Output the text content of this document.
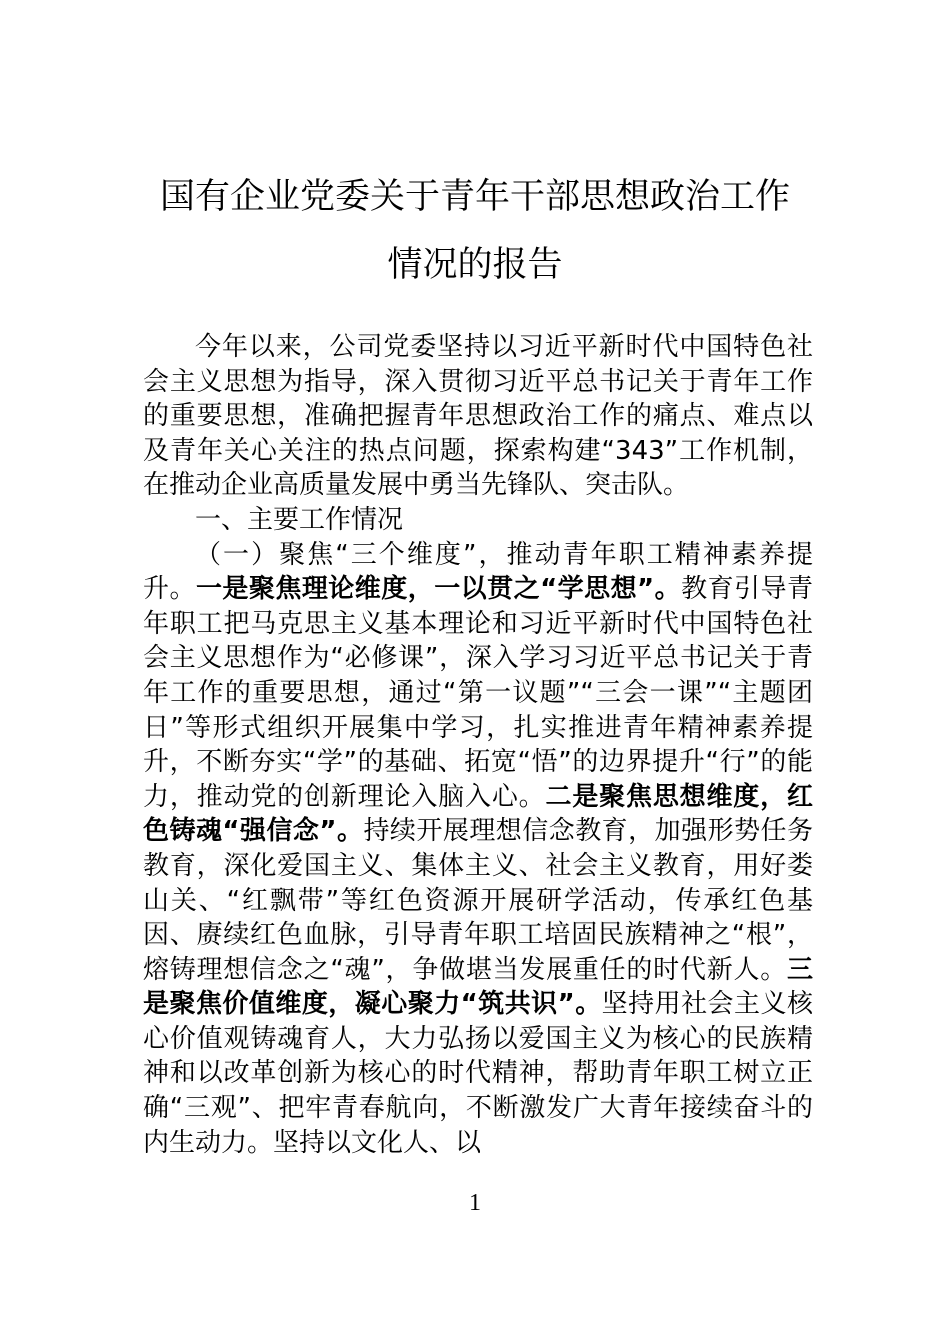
国有企业党委关于青年干部思想政治工作
情况的报告

今年以来，公司党委坚持以习近平新时代中国特色社会主义思想为指导，深入贯彻习近平总书记关于青年工作的重要思想，准确把握青年思想政治工作的痛点、难点以及青年关心关注的热点问题，探索构建“343”工作机制，在推动企业高质量发展中勇当先锋队、突击队。

一、主要工作情况

（一）聚焦“三个维度”，推动青年职工精神素养提升。一是聚焦理论维度，一以贯之“学思想”。教育引导青年职工把马克思主义基本理论和习近平新时代中国特色社会主义思想作为“必修课”，深入学习习近平总书记关于青年工作的重要思想，通过“第一议题”“三会一课”“主题团日”等形式组织开展集中学习，扎实推进青年精神素养提升，不断夯实“学”的基础、拓宽“悟”的边界提升“行”的能力，推动党的创新理论入脑入心。二是聚焦思想维度，红色铸魂“强信念”。持续开展理想信念教育，加强形势任务教育，深化爱国主义、集体主义、社会主义教育，用好娄山关、“红飘带”等红色资源开展研学活动，传承红色基因、赓续红色血脉，引导青年职工培固民族精神之“根”，熔铸理想信念之“魂”，争做堪当发展重任的时代新人。三是聚焦价值维度，凝心聚力“筑共识”。坚持用社会主义核心价值观铸魂育人，大力弘扬以爱国主义为核心的民族精神和以改革创新为核心的时代精神，帮助青年职工树立正确“三观”、把牢青春航向，不断激发广大青年接续奋斗的内生动力。坚持以文化人、以

1
